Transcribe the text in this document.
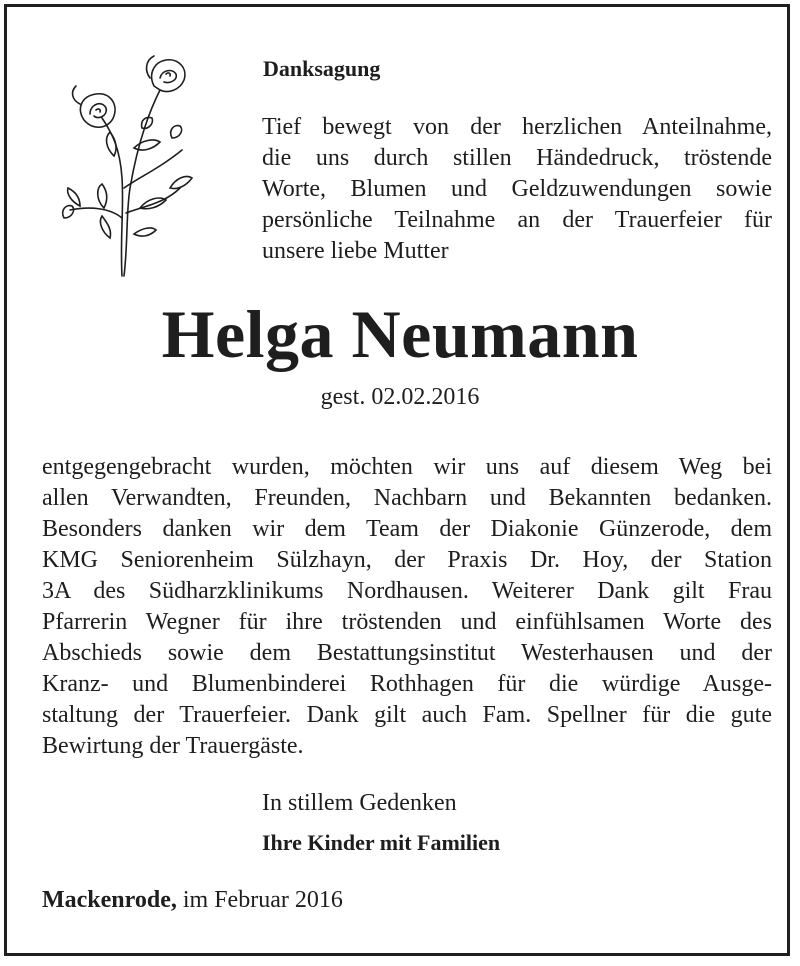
Danksagung
Tief bewegt von der herzlichen Anteilnahme,
die uns durch stillen Händedruck, tröstende
Worte, Blumen und Geldzuwendungen sowie
persönliche Teilnahme an der Trauerfeier für
unsere liebe Mutter
Helga Neumann
gest. 02.02.2016
entgegengebracht wurden, möchten wir uns auf diesem Weg bei
allen Verwandten, Freunden, Nachbarn und Bekannten bedanken.
Besonders danken wir dem Team der Diakonie Günzerode, dem
KMG Seniorenheim Sülzhayn, der Praxis Dr. Hoy, der Station
3A des Südharzklinikums Nordhausen. Weiterer Dank gilt Frau
Pfarrerin Wegner für ihre tröstenden und einfühlsamen Worte des
Abschieds sowie dem Bestattungsinstitut Westerhausen und der
Kranz- und Blumenbinderei Rothhagen für die würdige Ausge-
staltung der Trauerfeier. Dank gilt auch Fam. Spellner für die gute
Bewirtung der Trauergäste.
In stillem Gedenken
Ihre Kinder mit Familien
Mackenrode, im Februar 2016
